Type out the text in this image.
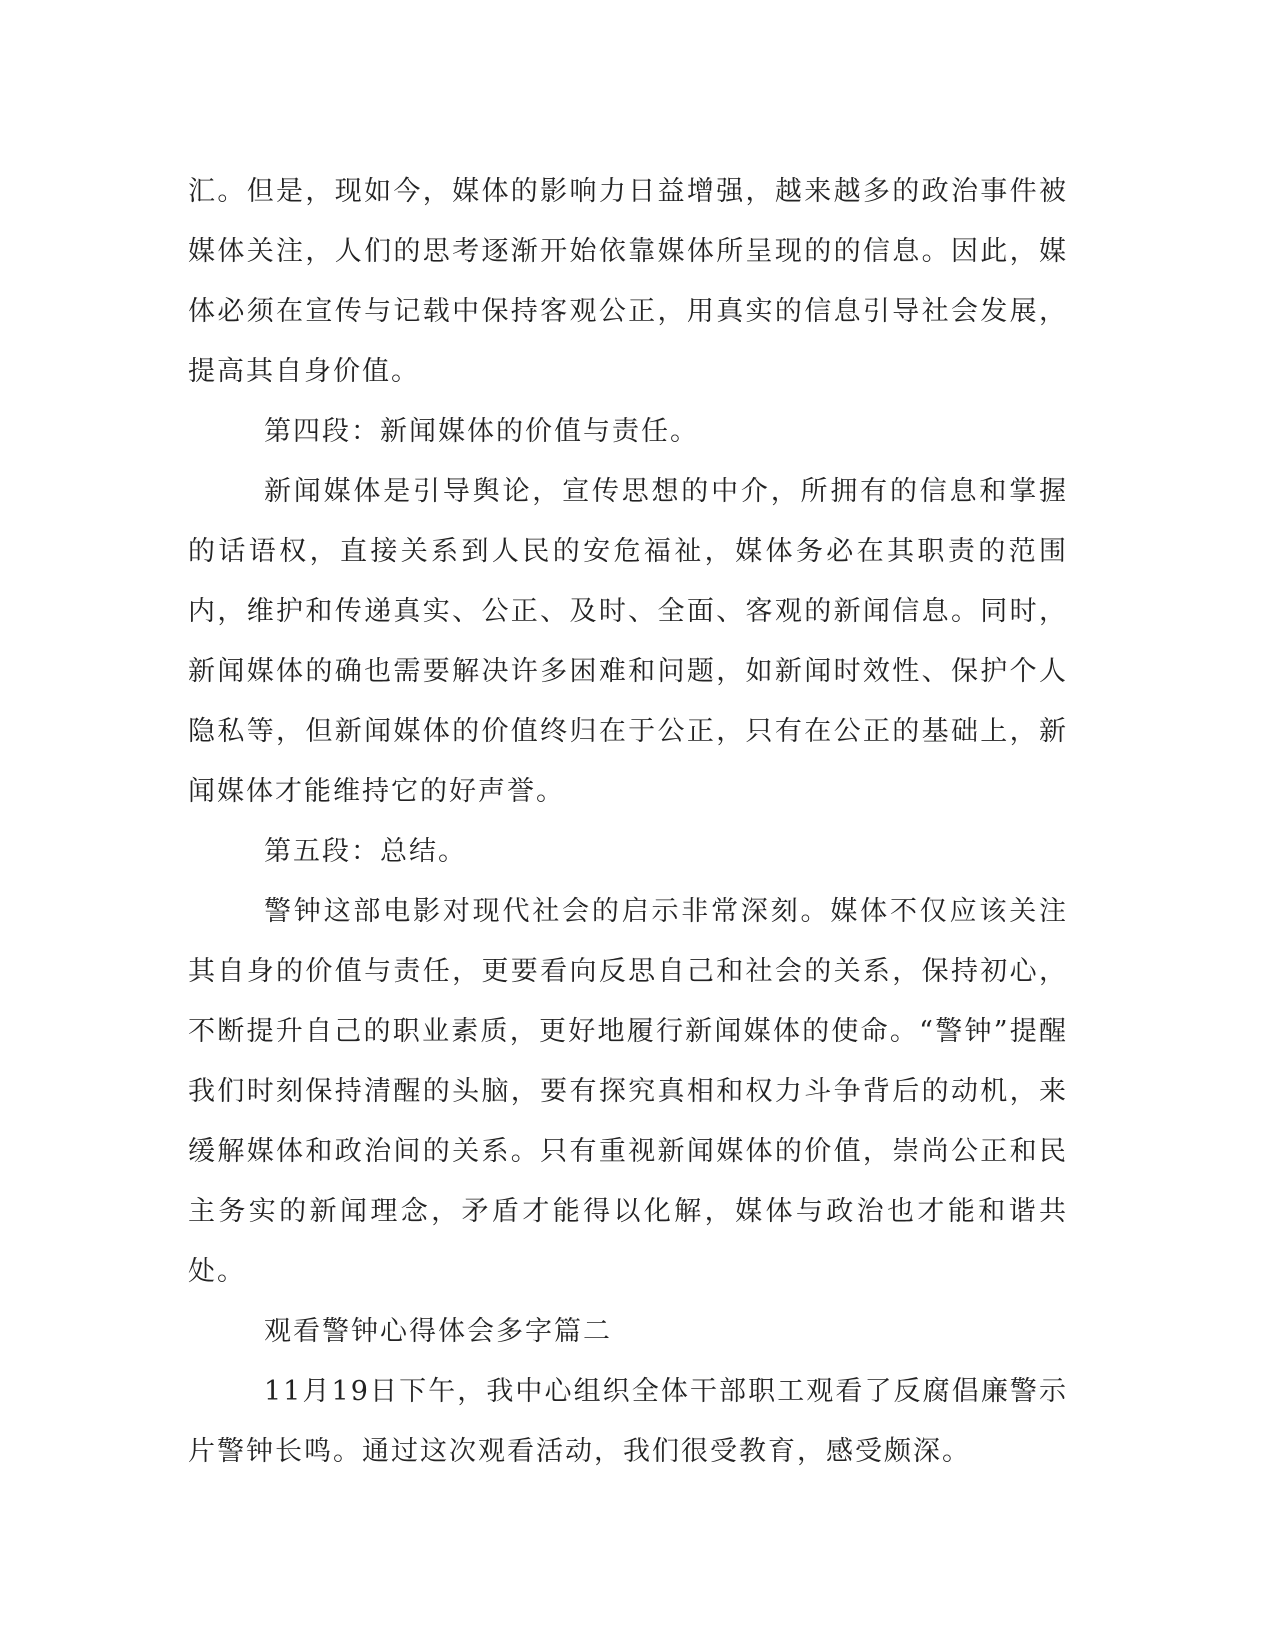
汇。但是，现如今，媒体的影响力日益增强，越来越多的政治事件被媒体关注，人们的思考逐渐开始依靠媒体所呈现的的信息。因此，媒体必须在宣传与记载中保持客观公正，用真实的信息引导社会发展，提高其自身价值。

第四段：新闻媒体的价值与责任。

新闻媒体是引导舆论，宣传思想的中介，所拥有的信息和掌握的话语权，直接关系到人民的安危福祉，媒体务必在其职责的范围内，维护和传递真实、公正、及时、全面、客观的新闻信息。同时，新闻媒体的确也需要解决许多困难和问题，如新闻时效性、保护个人隐私等，但新闻媒体的价值终归在于公正，只有在公正的基础上，新闻媒体才能维持它的好声誉。

第五段：总结。

警钟这部电影对现代社会的启示非常深刻。媒体不仅应该关注其自身的价值与责任，更要看向反思自己和社会的关系，保持初心，不断提升自己的职业素质，更好地履行新闻媒体的使命。“警钟”提醒我们时刻保持清醒的头脑，要有探究真相和权力斗争背后的动机，来缓解媒体和政治间的关系。只有重视新闻媒体的价值，崇尚公正和民主务实的新闻理念，矛盾才能得以化解，媒体与政治也才能和谐共处。

观看警钟心得体会多字篇二

11月19日下午，我中心组织全体干部职工观看了反腐倡廉警示片警钟长鸣。通过这次观看活动，我们很受教育，感受颇深。
